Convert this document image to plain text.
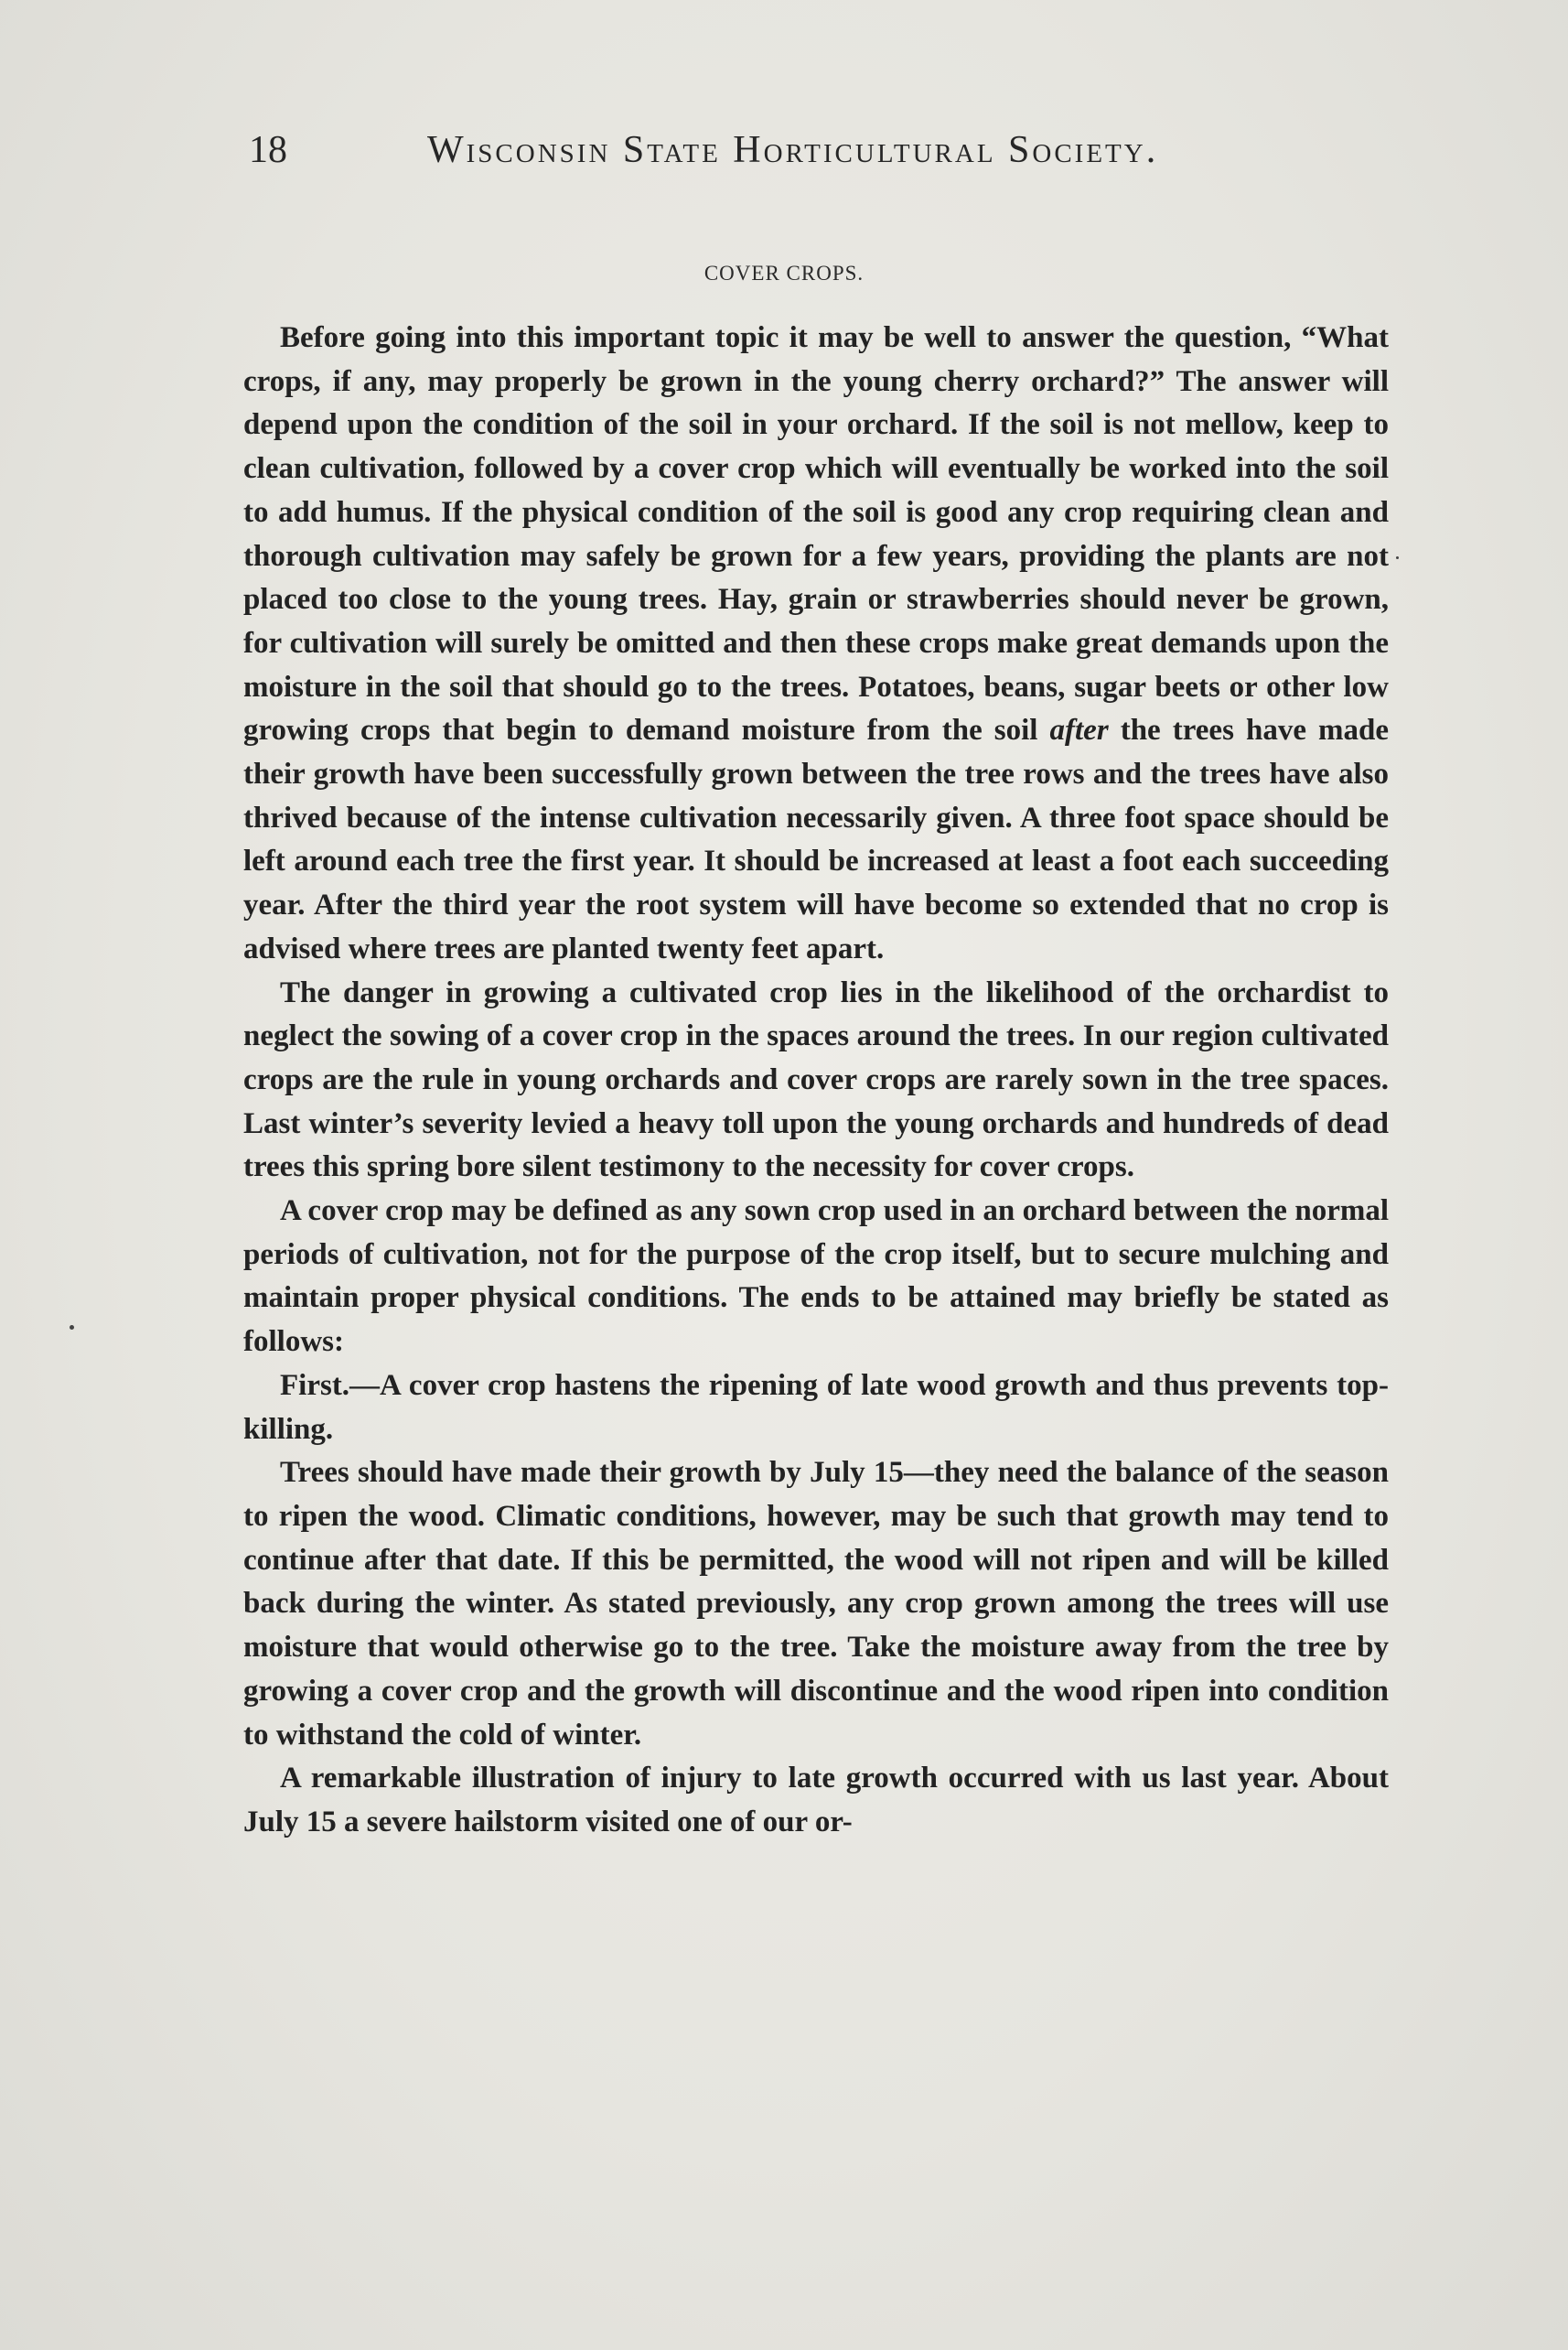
18	Wisconsin State Horticultural Society.
COVER CROPS.

Before going into this important topic it may be well to answer the question, “What crops, if any, may properly be grown in the young cherry orchard?” The answer will depend upon the condition of the soil in your orchard. If the soil is not mellow, keep to clean cultivation, followed by a cover crop which will eventually be worked into the soil to add humus. If the physical condition of the soil is good any crop requiring clean and thorough cultivation may safely be grown for a few years, providing the plants are not placed too close to the young trees. Hay, grain or strawberries should never be grown, for cultivation will surely be omitted and then these crops make great demands upon the moisture in the soil that should go to the trees. Potatoes, beans, sugar beets or other low growing crops that begin to demand moisture from the soil after the trees have made their growth have been successfully grown between the tree rows and the trees have also thrived because of the intense cultivation necessarily given. A three foot space should be left around each tree the first year. It should be increased at least a foot each succeeding year. After the third year the root system will have become so extended that no crop is advised where trees are planted twenty feet apart.

The danger in growing a cultivated crop lies in the likelihood of the orchardist to neglect the sowing of a cover crop in the spaces around the trees. In our region cultivated crops are the rule in young orchards and cover crops are rarely sown in the tree spaces. Last winter’s severity levied a heavy toll upon the young orchards and hundreds of dead trees this spring bore silent testimony to the necessity for cover crops.

A cover crop may be defined as any sown crop used in an orchard between the normal periods of cultivation, not for the purpose of the crop itself, but to secure mulching and maintain proper physical conditions. The ends to be attained may briefly be stated as follows:

First.—A cover crop hastens the ripening of late wood growth and thus prevents top-killing.

Trees should have made their growth by July 15—they need the balance of the season to ripen the wood. Climatic conditions, however, may be such that growth may tend to continue after that date. If this be permitted, the wood will not ripen and will be killed back during the winter. As stated previously, any crop grown among the trees will use moisture that would otherwise go to the tree. Take the moisture away from the tree by growing a cover crop and the growth will discontinue and the wood ripen into condition to withstand the cold of winter.

A remarkable illustration of injury to late growth occurred with us last year. About July 15 a severe hailstorm visited one of our or-
